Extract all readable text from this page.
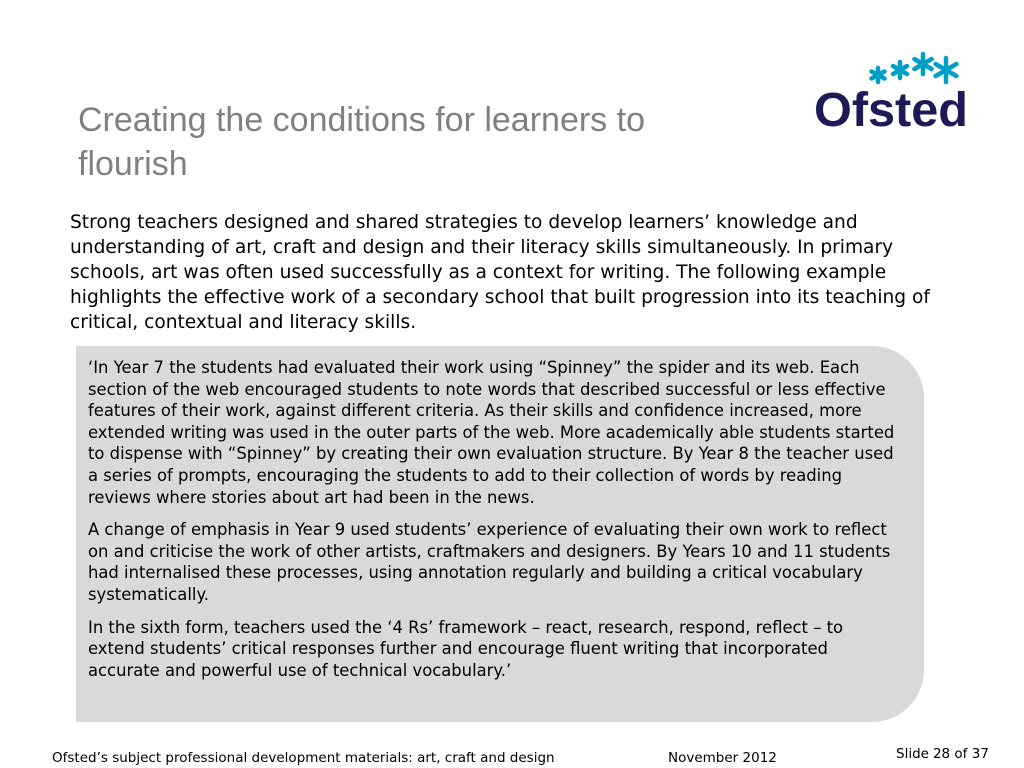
Creating the conditions for learners to
flourish
Ofsted

Strong teachers designed and shared strategies to develop learners’ knowledge and understanding of art, craft and design and their literacy skills simultaneously. In primary schools, art was often used successfully as a context for writing. The following example highlights the effective work of a secondary school that built progression into its teaching of critical, contextual and literacy skills.

‘In Year 7 the students had evaluated their work using “Spinney” the spider and its web. Each section of the web encouraged students to note words that described successful or less effective features of their work, against different criteria. As their skills and confidence increased, more extended writing was used in the outer parts of the web. More academically able students started to dispense with “Spinney” by creating their own evaluation structure. By Year 8 the teacher used a series of prompts, encouraging the students to add to their collection of words by reading reviews where stories about art had been in the news.

A change of emphasis in Year 9 used students’ experience of evaluating their own work to reflect on and criticise the work of other artists, craftmakers and designers. By Years 10 and 11 students had internalised these processes, using annotation regularly and building a critical vocabulary systematically.

In the sixth form, teachers used the ‘4 Rs’ framework – react, research, respond, reflect – to extend students’ critical responses further and encourage fluent writing that incorporated accurate and powerful use of technical vocabulary.’

Ofsted’s subject professional development materials: art, craft and design	November 2012	Slide 28 of 37
